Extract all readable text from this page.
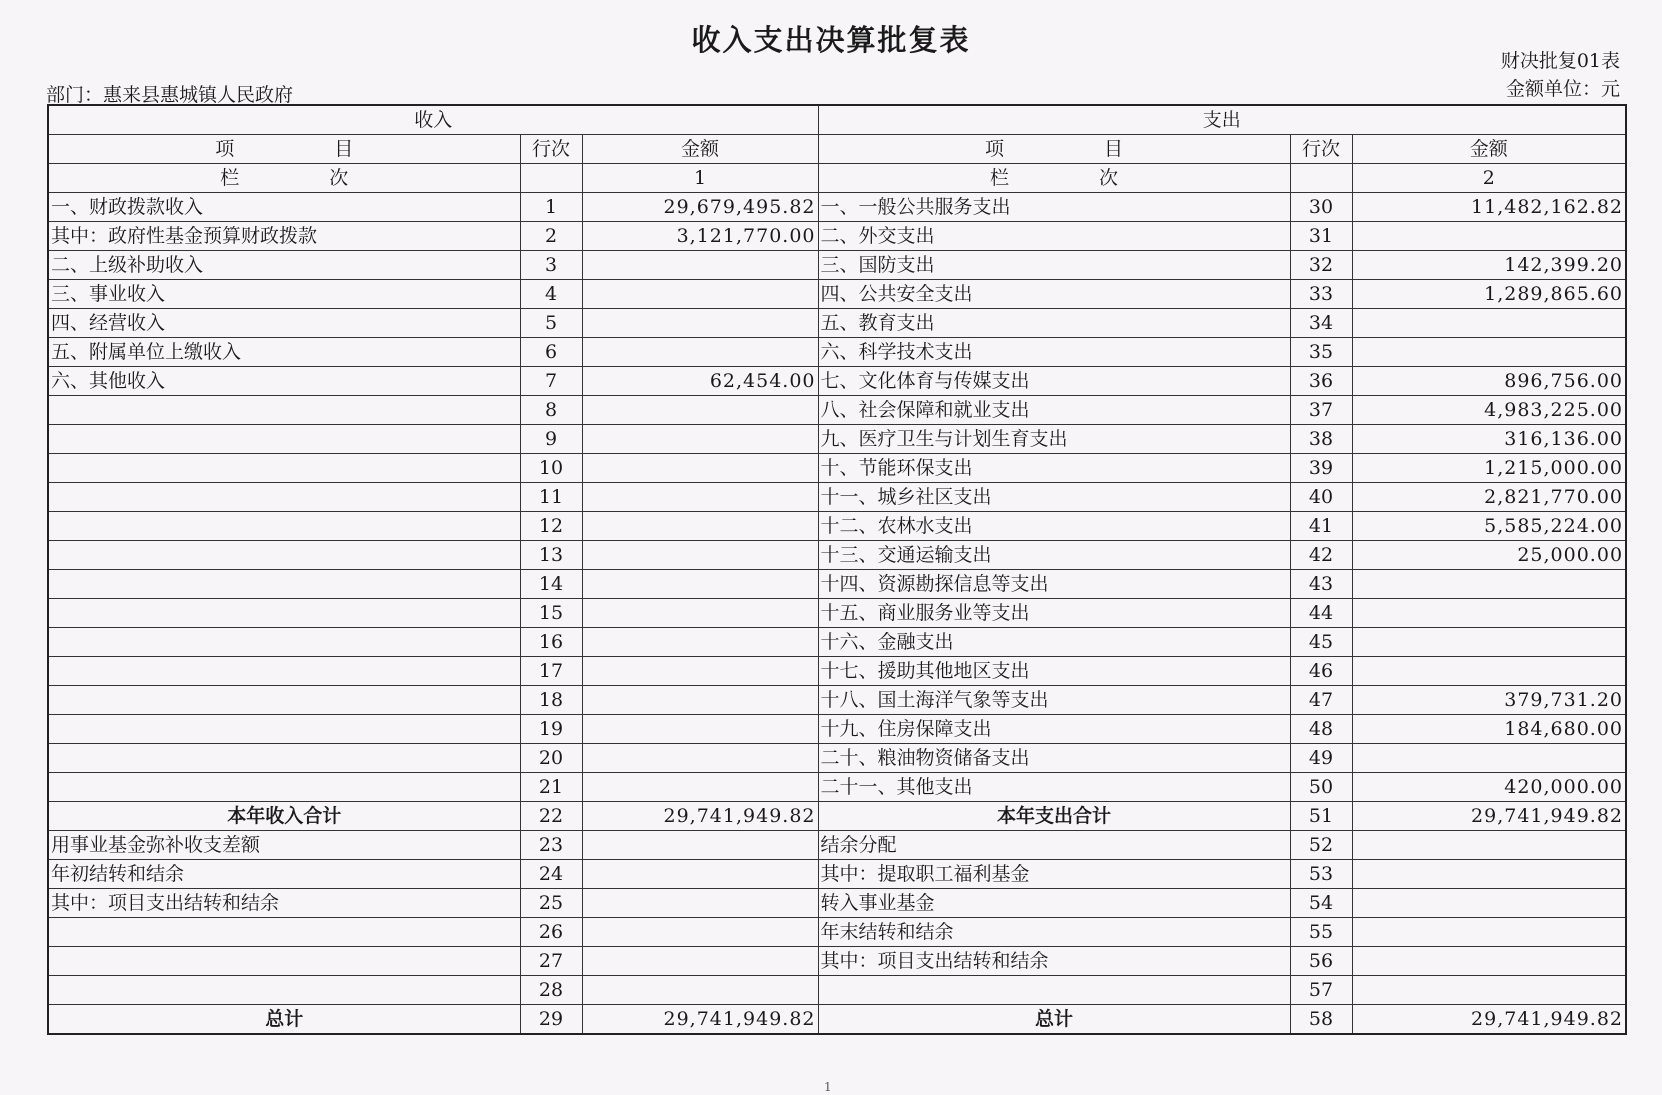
收入支出决算批复表
财决批复01表
金额单位：元
部门：惠来县惠城镇人民政府
收入			支出		
项 目	行次	金额	项 目	行次	金额
栏 次		1	栏 次		2
一、财政拨款收入	1	29,679,495.82	一、一般公共服务支出	30	11,482,162.82
其中：政府性基金预算财政拨款	2	3,121,770.00	二、外交支出	31	
二、上级补助收入	3		三、国防支出	32	142,399.20
三、事业收入	4		四、公共安全支出	33	1,289,865.60
四、经营收入	5		五、教育支出	34	
五、附属单位上缴收入	6		六、科学技术支出	35	
六、其他收入	7	62,454.00	七、文化体育与传媒支出	36	896,756.00
	8		八、社会保障和就业支出	37	4,983,225.00
	9		九、医疗卫生与计划生育支出	38	316,136.00
	10		十、节能环保支出	39	1,215,000.00
	11		十一、城乡社区支出	40	2,821,770.00
	12		十二、农林水支出	41	5,585,224.00
	13		十三、交通运输支出	42	25,000.00
	14		十四、资源勘探信息等支出	43	
	15		十五、商业服务业等支出	44	
	16		十六、金融支出	45	
	17		十七、援助其他地区支出	46	
	18		十八、国土海洋气象等支出	47	379,731.20
	19		十九、住房保障支出	48	184,680.00
	20		二十、粮油物资储备支出	49	
	21		二十一、其他支出	50	420,000.00
本年收入合计	22	29,741,949.82	本年支出合计	51	29,741,949.82
用事业基金弥补收支差额	23		结余分配	52	
年初结转和结余	24		其中：提取职工福利基金	53	
其中：项目支出结转和结余	25		转入事业基金	54	
	26		年末结转和结余	55	
	27		其中：项目支出结转和结余	56	
	28			57	
总计	29	29,741,949.82	总计	58	29,741,949.82
1
